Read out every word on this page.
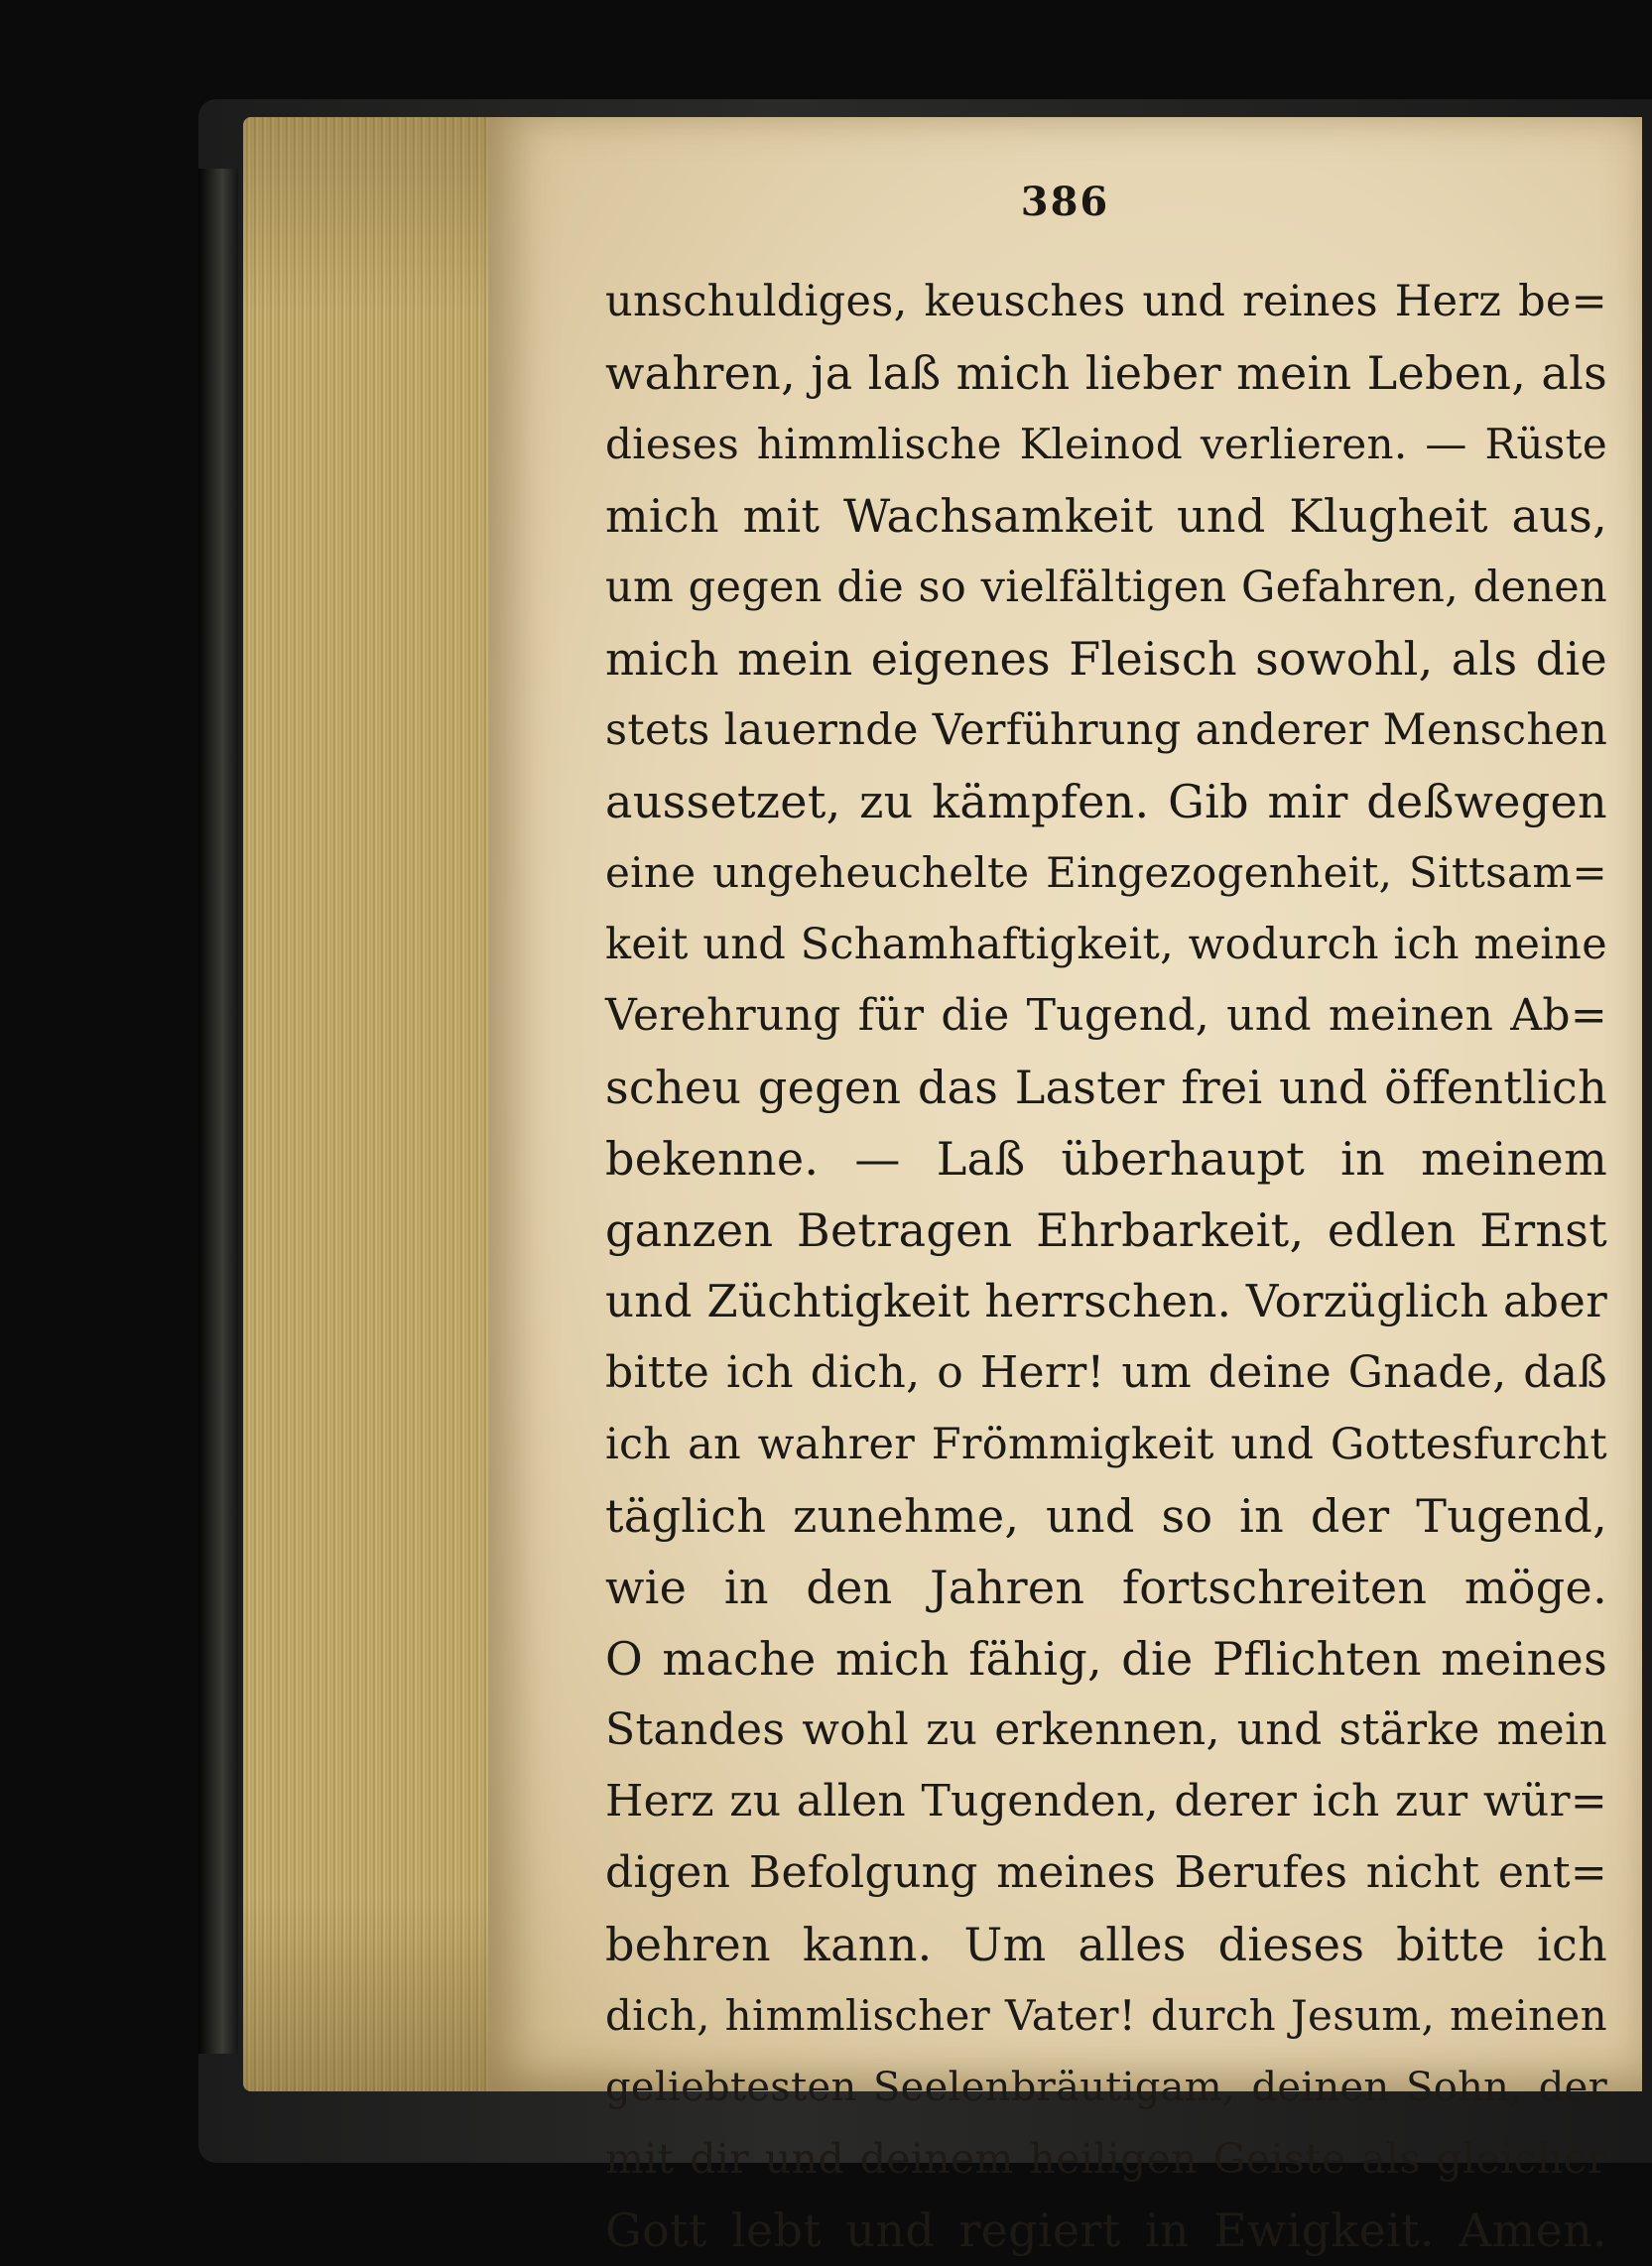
386
unschuldiges, keusches und reines Herz be=
wahren, ja laß mich lieber mein Leben, als
dieses himmlische Kleinod verlieren. — Rüste
mich mit Wachsamkeit und Klugheit aus,
um gegen die so vielfältigen Gefahren, denen
mich mein eigenes Fleisch sowohl, als die
stets lauernde Verführung anderer Menschen
aussetzet, zu kämpfen. Gib mir deßwegen
eine ungeheuchelte Eingezogenheit, Sittsam=
keit und Schamhaftigkeit, wodurch ich meine
Verehrung für die Tugend, und meinen Ab=
scheu gegen das Laster frei und öffentlich
bekenne. — Laß überhaupt in meinem
ganzen Betragen Ehrbarkeit, edlen Ernst
und Züchtigkeit herrschen. Vorzüglich aber
bitte ich dich, o Herr! um deine Gnade, daß
ich an wahrer Frömmigkeit und Gottesfurcht
täglich zunehme, und so in der Tugend,
wie in den Jahren fortschreiten möge.
O mache mich fähig, die Pflichten meines
Standes wohl zu erkennen, und stärke mein
Herz zu allen Tugenden, derer ich zur wür=
digen Befolgung meines Berufes nicht ent=
behren kann. Um alles dieses bitte ich
dich, himmlischer Vater! durch Jesum, meinen
geliebtesten Seelenbräutigam, deinen Sohn, der
mit dir und deinem heiligen Geiste als gleicher
Gott lebt und regiert in Ewigkeit. Amen.
